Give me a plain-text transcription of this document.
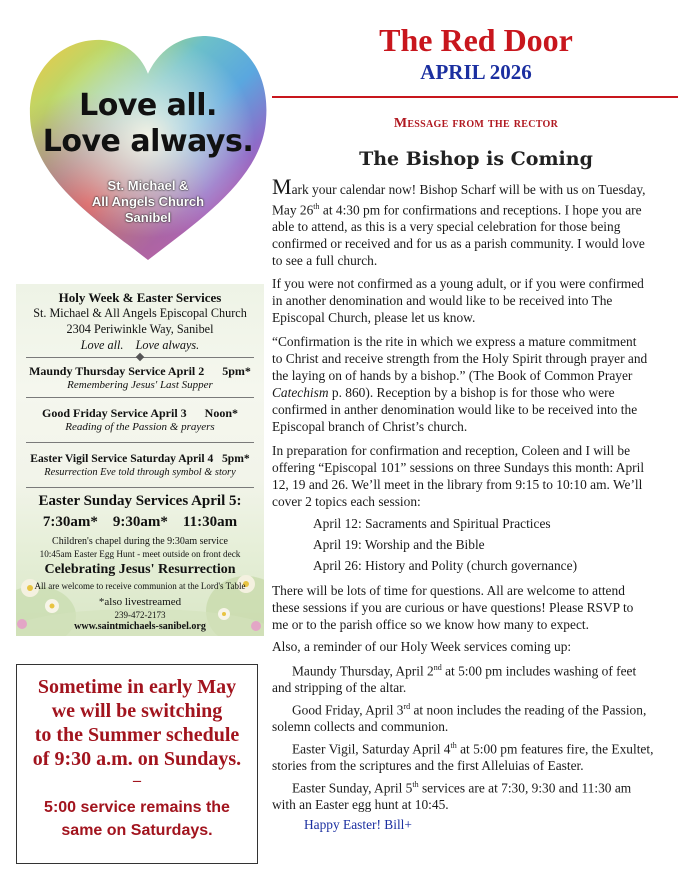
Love all.
Love always.
St. Michael &
All Angels Church
Sanibel
Holy Week & Easter Services
St. Michael & All Angels Episcopal Church
2304 Periwinkle Way, Sanibel
Love all.    Love always.
Maundy Thursday Service April 2      5pm*
Remembering Jesus' Last Supper
Good Friday Service April 3      Noon*
Reading of the Passion & prayers
Easter Vigil Service Saturday April 4   5pm*
Resurrection Eve told through symbol & story
Easter Sunday Services April 5:
7:30am*    9:30am*    11:30am
Children's chapel during the 9:30am service
10:45am Easter Egg Hunt - meet outside on front deck
Celebrating Jesus' Resurrection
All are welcome to receive communion at the Lord's Table
*also livestreamed
239-472-2173
www.saintmichaels-sanibel.org
Sometime in early May
we will be switching
to the Summer schedule
of 9:30 a.m. on Sundays.
–
5:00 service remains the
same on Saturdays.
The Red Door
APRIL 2026
Message from the rector
The Bishop is Coming
Mark your calendar now! Bishop Scharf will be with us on Tuesday,
May 26th at 4:30 pm for confirmations and receptions. I hope you are
able to attend, as this is a very special celebration for those being
confirmed or received and for us as a parish community. I would love
to see a full church.
If you were not confirmed as a young adult, or if you were confirmed
in another denomination and would like to be received into The
Episcopal Church, please let us know.
“Confirmation is the rite in which we express a mature commitment
to Christ and receive strength from the Holy Spirit through prayer and
the laying on of hands by a bishop.” (The Book of Common Prayer
Catechism p. 860). Reception by a bishop is for those who were
confirmed in anther denomination would like to be received into the
Episcopal branch of Christ’s church.
In preparation for confirmation and reception, Coleen and I will be
offering “Episcopal 101” sessions on three Sundays this month: April
12, 19 and 26. We’ll meet in the library from 9:15 to 10:10 am. We’ll
cover 2 topics each session:
April 12: Sacraments and Spiritual Practices
April 19: Worship and the Bible
April 26: History and Polity (church governance)
There will be lots of time for questions. All are welcome to attend
these sessions if you are curious or have questions! Please RSVP to
me or to the parish office so we know how many to expect.
Also, a reminder of our Holy Week services coming up:
Maundy Thursday, April 2nd at 5:00 pm includes washing of feet
and stripping of the altar.
Good Friday, April 3rd at noon includes the reading of the Passion,
solemn collects and communion.
Easter Vigil, Saturday April 4th at 5:00 pm features fire, the Exultet,
stories from the scriptures and the first Alleluias of Easter.
Easter Sunday, April 5th services are at 7:30, 9:30 and 11:30 am
with an Easter egg hunt at 10:45.
Happy Easter! Bill+
